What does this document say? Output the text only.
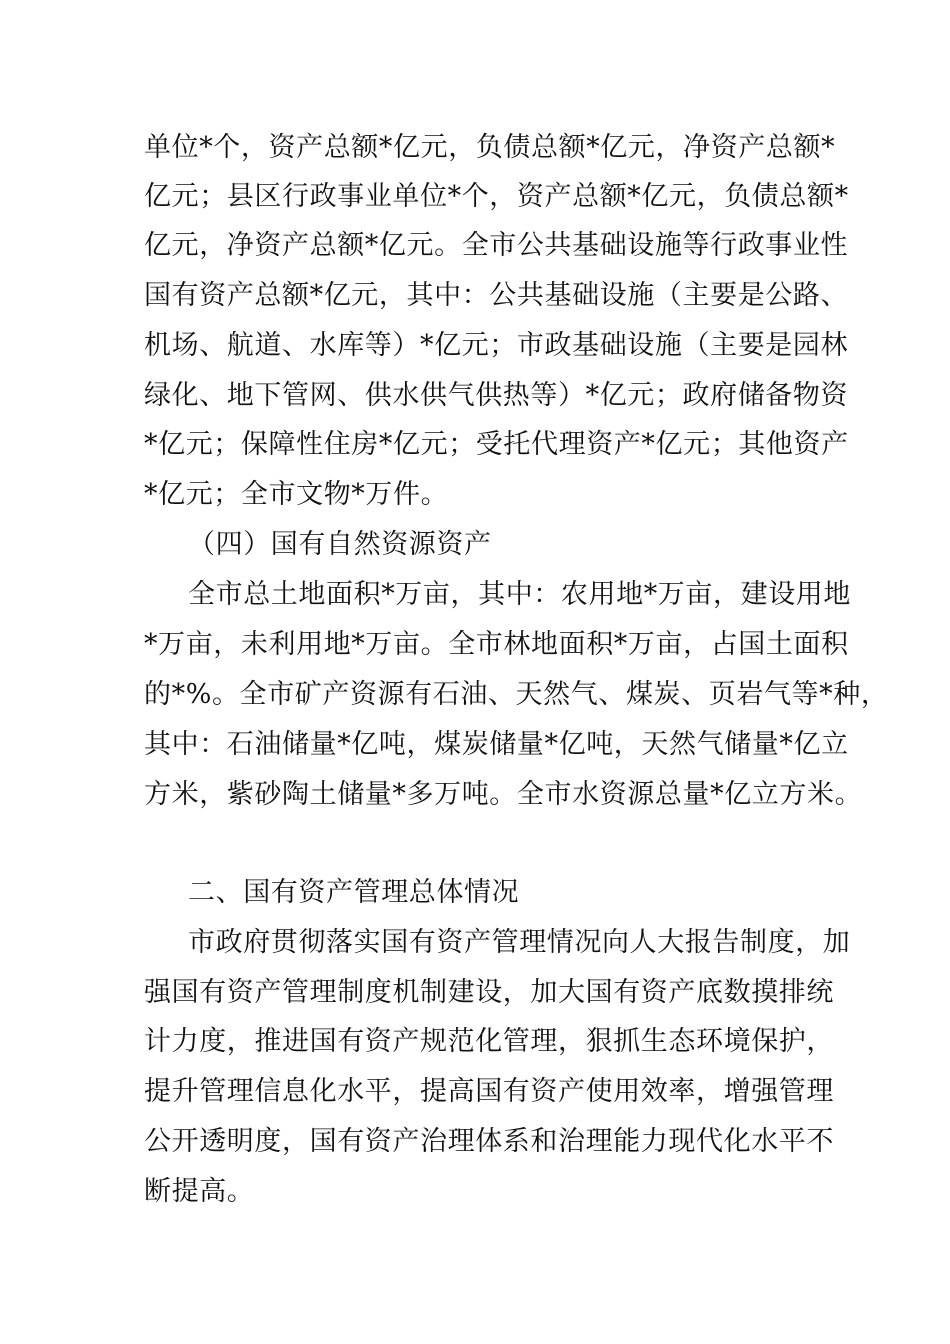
单位*个，资产总额*亿元，负债总额*亿元，净资产总额*
亿元；县区行政事业单位*个，资产总额*亿元，负债总额*
亿元，净资产总额*亿元。全市公共基础设施等行政事业性
国有资产总额*亿元，其中：公共基础设施（主要是公路、
机场、航道、水库等）*亿元；市政基础设施（主要是园林
绿化、地下管网、供水供气供热等）*亿元；政府储备物资
*亿元；保障性住房*亿元；受托代理资产*亿元；其他资产
*亿元；全市文物*万件。
（四）国有自然资源资产
全市总土地面积*万亩，其中：农用地*万亩，建设用地
*万亩，未利用地*万亩。全市林地面积*万亩，占国土面积
的*%。全市矿产资源有石油、天然气、煤炭、页岩气等*种，
其中：石油储量*亿吨，煤炭储量*亿吨，天然气储量*亿立
方米，紫砂陶土储量*多万吨。全市水资源总量*亿立方米。
二、国有资产管理总体情况
市政府贯彻落实国有资产管理情况向人大报告制度，加
强国有资产管理制度机制建设，加大国有资产底数摸排统
计力度，推进国有资产规范化管理，狠抓生态环境保护，
提升管理信息化水平，提高国有资产使用效率，增强管理
公开透明度，国有资产治理体系和治理能力现代化水平不
断提高。
